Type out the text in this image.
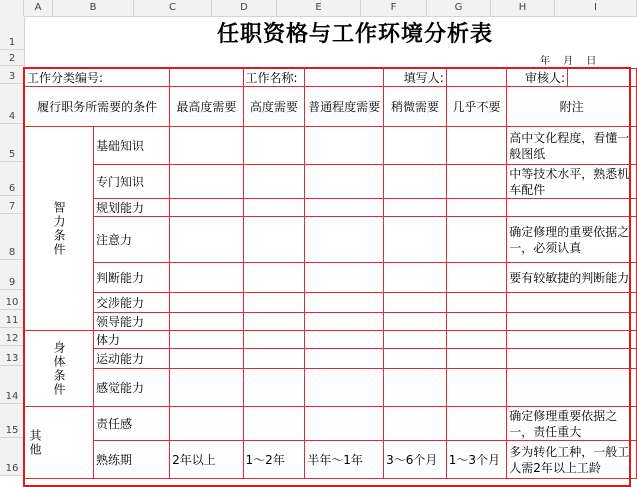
A	B	C	D	E	F	G	H	I
1
2
3
4
5
6
7
8
9
10
11
12
13
14
15
16
任职资格与工作环境分析表
年 月 日
工作分类编号:			工作名称:		填写人:		审核人:	
履行职务所需要的条件		最高度需要	高度需要	普通程度需要	稍微需要	几乎不要	附注	
智力条件	基础知识						高中文化程度，看懂一般图纸	
	专门知识						中等技术水平，熟悉机车配件	
	规划能力							
	注意力						确定修理的重要依据之一，必须认真	
	判断能力						要有较敏捷的判断能力	
	交涉能力							
	领导能力							
身体条件	体力							
	运动能力							
	感觉能力							
其他	责任感						确定修理重要依据之一，责任重大	
	熟练期	2年以上	1～2年	半年～1年	3～6个月	1～3个月	多为转化工种，一般工人需2年以上工龄	
